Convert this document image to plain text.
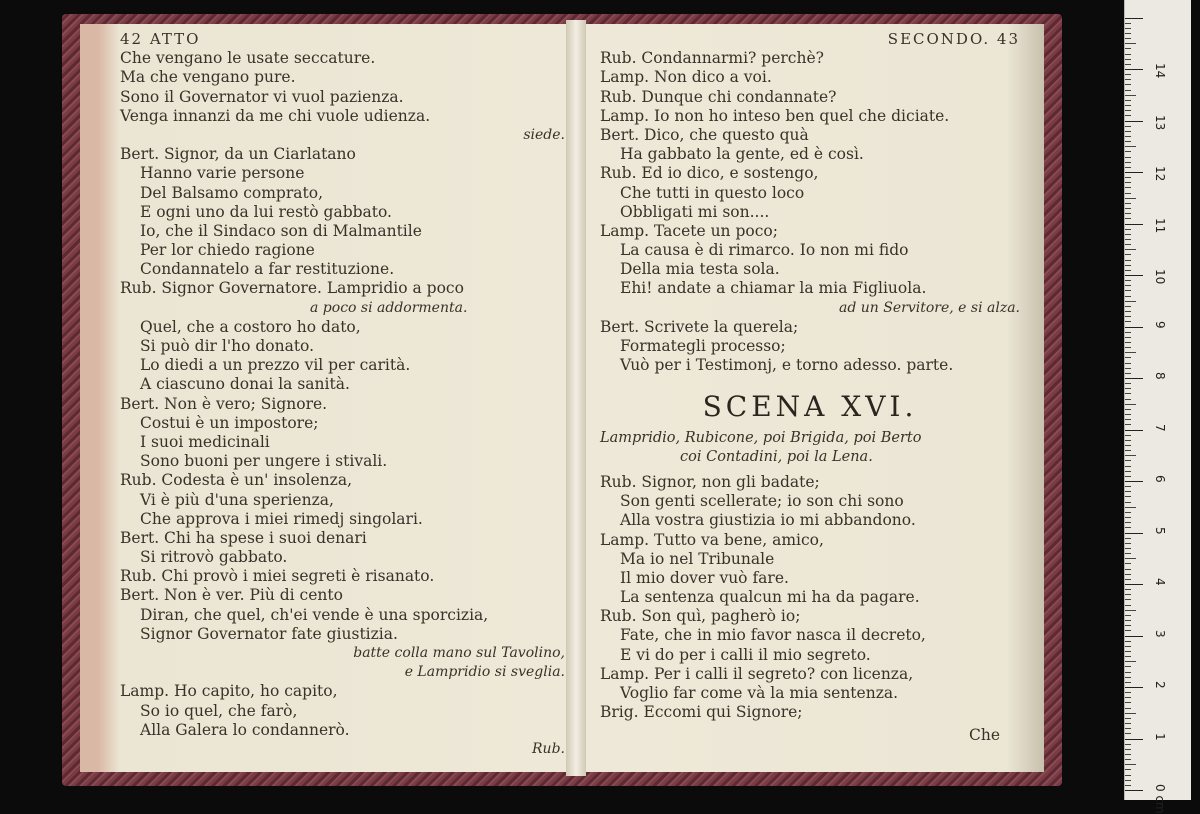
42 ATTO
Che vengano le usate seccature.
Ma che vengano pure.
Sono il Governator vi vuol pazienza.
Venga innanzi da me chi vuole udienza.
siede.
Bert. Signor, da un Ciarlatano
Hanno varie persone
Del Balsamo comprato,
E ogni uno da lui restò gabbato.
Io, che il Sindaco son di Malmantile
Per lor chiedo ragione
Condannatelo a far restituzione.
Rub. Signor Governatore. Lampridio a poco
a poco si addormenta.
Quel, che a costoro ho dato,
Si può dir l'ho donato.
Lo diedi a un prezzo vil per carità.
A ciascuno donai la sanità.
Bert. Non è vero; Signore.
Costui è un impostore;
I suoi medicinali
Sono buoni per ungere i stivali.
Rub. Codesta è un' insolenza,
Vi è più d'una sperienza,
Che approva i miei rimedj singolari.
Bert. Chi ha spese i suoi denari
Si ritrovò gabbato.
Rub. Chi provò i miei segreti è risanato.
Bert. Non è ver. Più di cento
Diran, che quel, ch'ei vende è una sporcizia,
Signor Governator fate giustizia.
batte colla mano sul Tavolino,
e Lampridio si sveglia.
Lamp. Ho capito, ho capito,
So io quel, che farò,
Alla Galera lo condannerò.
Rub.
SECONDO. 43
Rub. Condannarmi? perchè?
Lamp. Non dico a voi.
Rub. Dunque chi condannate?
Lamp. Io non ho inteso ben quel che diciate.
Bert. Dico, che questo quà
Ha gabbato la gente, ed è così.
Rub. Ed io dico, e sostengo,
Che tutti in questo loco
Obbligati mi son....
Lamp. Tacete un poco;
La causa è di rimarco. Io non mi fido
Della mia testa sola.
Ehi! andate a chiamar la mia Figliuola.
ad un Servitore, e si alza.
Bert. Scrivete la querela;
Formategli processo;
Vuò per i Testimonj, e torno adesso. parte.
SCENA XVI.
Lampridio, Rubicone, poi Brigida, poi Berto
coi Contadini, poi la Lena.
Rub. Signor, non gli badate;
Son genti scellerate; io son chi sono
Alla vostra giustizia io mi abbandono.
Lamp. Tutto va bene, amico,
Ma io nel Tribunale
Il mio dover vuò fare.
La sentenza qualcun mi ha da pagare.
Rub. Son quì, pagherò io;
Fate, che in mio favor nasca il decreto,
E vi do per i calli il mio segreto.
Lamp. Per i calli il segreto? con licenza,
Voglio far come và la mia sentenza.
Brig. Eccomi qui Signore;
Che
0 cm
1
2
3
4
5
6
7
8
9
10
11
12
13
14
